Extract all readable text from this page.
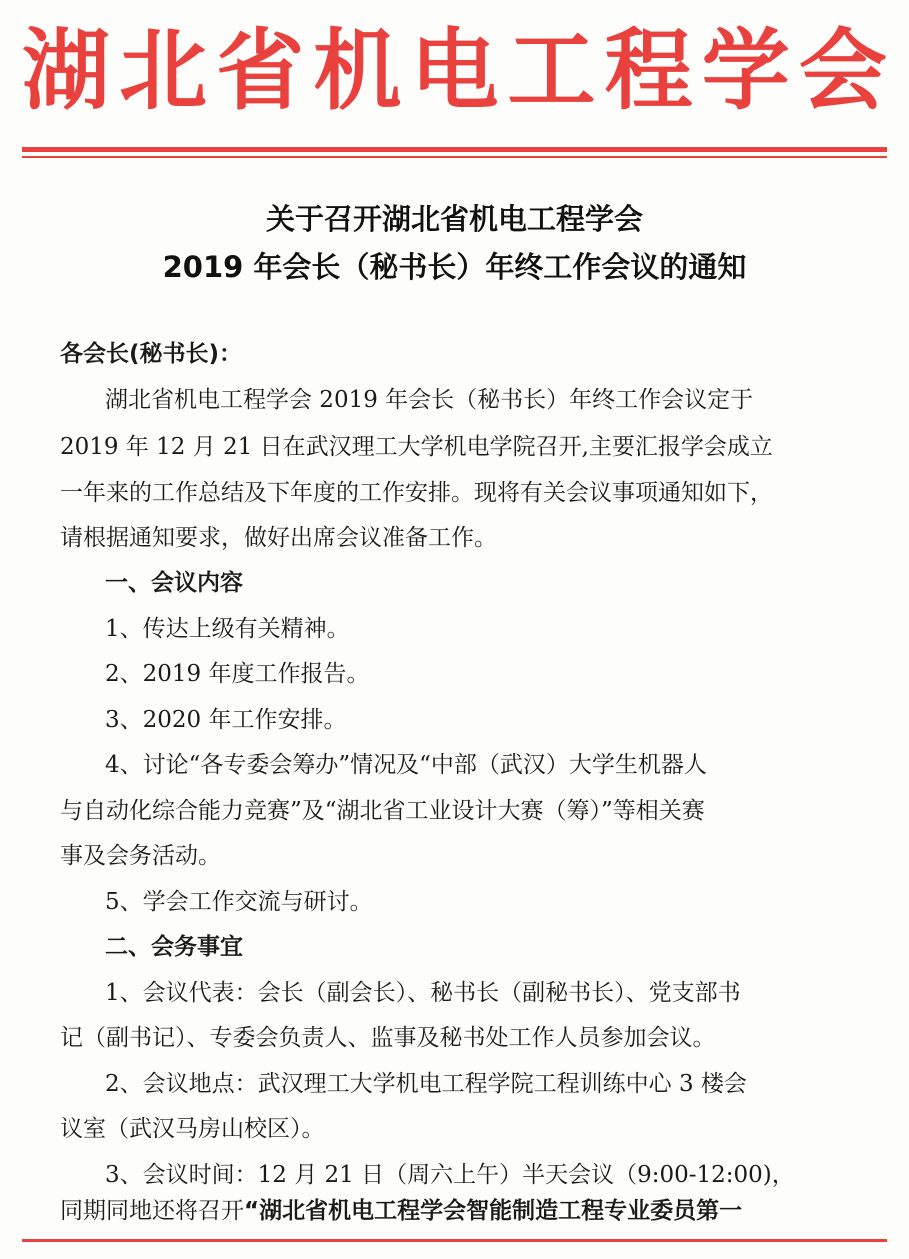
湖 北 省 机 电 工 程 学 会
关于召开湖北省机电工程学会
2019 年会长（秘书长）年终工作会议的通知
各会长(秘书长)：
湖北省机电工程学会 2019 年会长（秘书长）年终工作会议定于
2019 年 12 月 21 日在武汉理工大学机电学院召开,主要汇报学会成立
一年来的工作总结及下年度的工作安排。现将有关会议事项通知如下，
请根据通知要求，做好出席会议准备工作。
一、会议内容
1、传达上级有关精神。
2、2019 年度工作报告。
3、2020 年工作安排。
4、讨论“各专委会筹办”情况及“中部（武汉）大学生机器人
与自动化综合能力竞赛”及“湖北省工业设计大赛（筹）”等相关赛
事及会务活动。
5、学会工作交流与研讨。
二、会务事宜
1、会议代表：会长（副会长）、秘书长（副秘书长）、党支部书
记（副书记）、专委会负责人、监事及秘书处工作人员参加会议。
2、会议地点：武汉理工大学机电工程学院工程训练中心 3 楼会
议室（武汉马房山校区）。
3、会议时间：12 月 21 日（周六上午）半天会议（9:00-12:00)，
同期同地还将召开“湖北省机电工程学会智能制造工程专业委员第一
